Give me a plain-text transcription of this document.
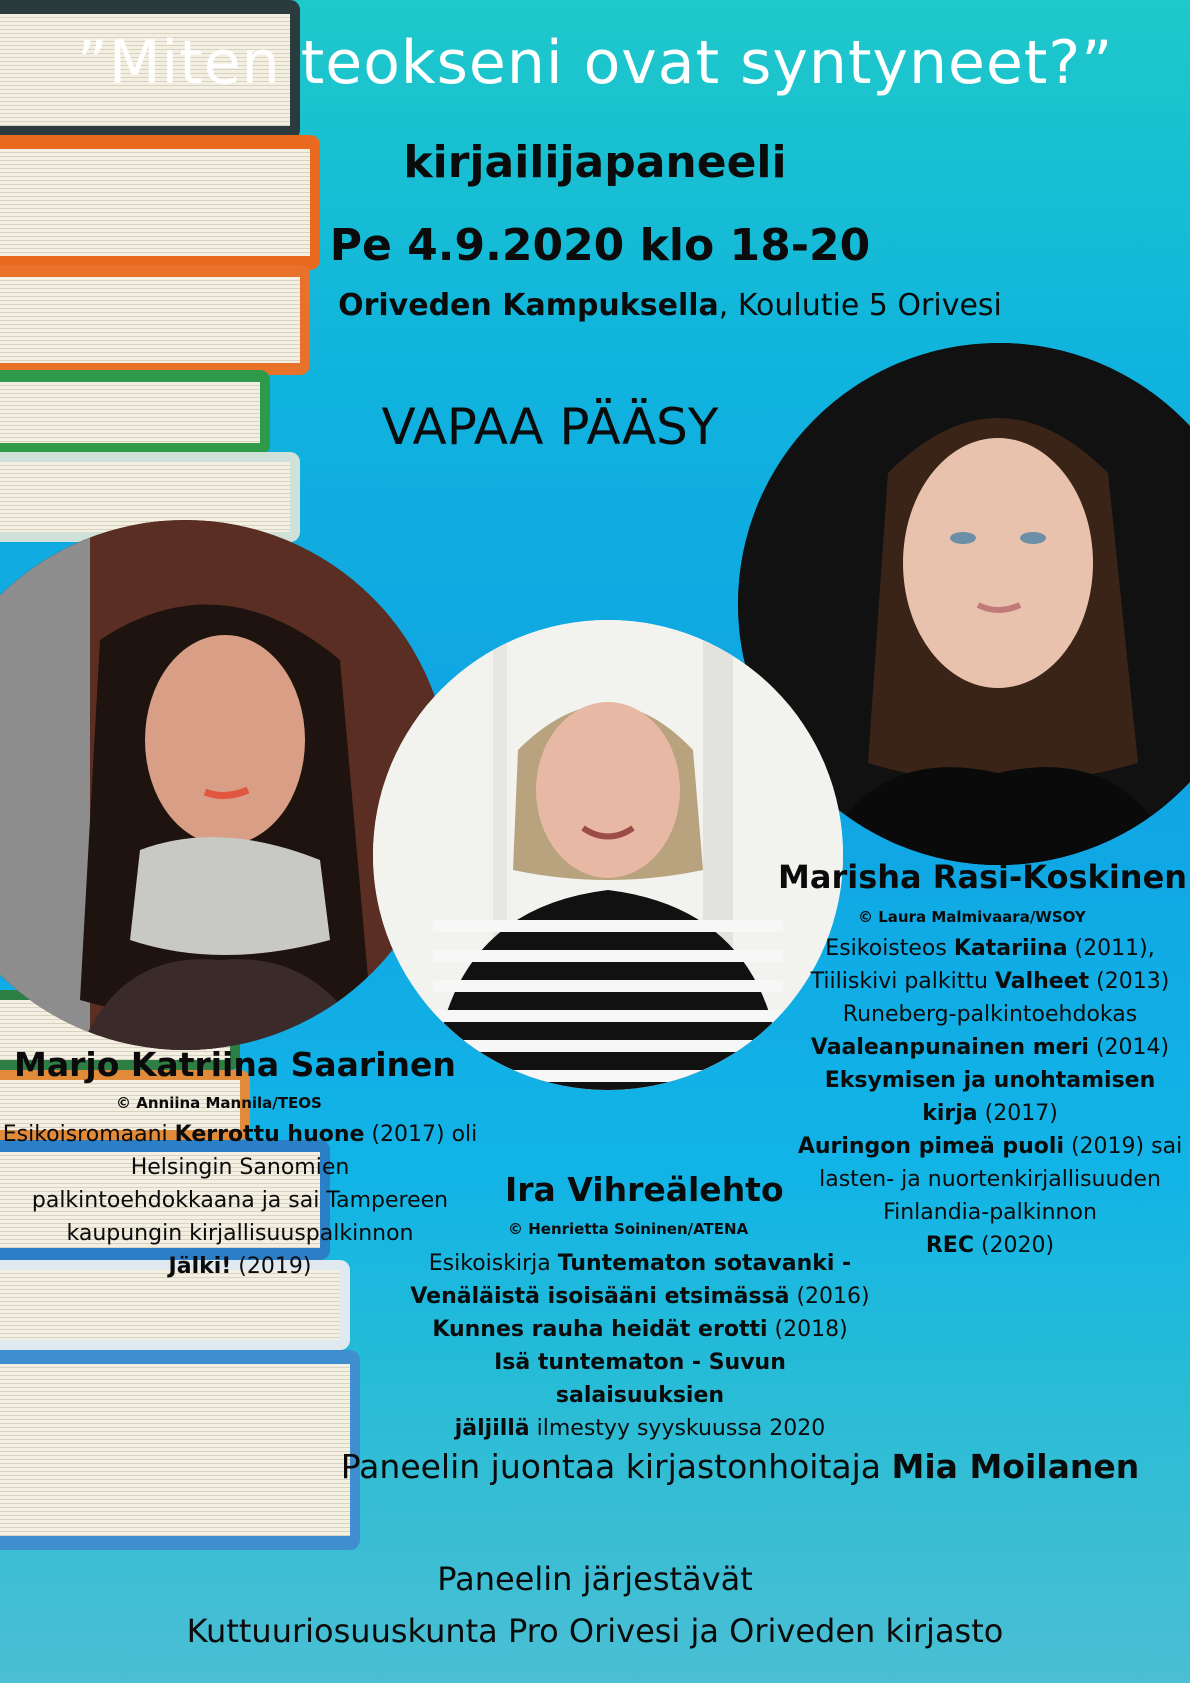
”Miten teokseni ovat syntyneet?”
kirjailijapaneeli
Pe 4.9.2020 klo 18-20
Oriveden Kampuksella, Koulutie 5 Orivesi
VAPAA PÄÄSY
Marisha Rasi-Koskinen
© Laura Malmivaara/WSOY
Esikoisteos Katariina (2011),
Tiiliskivi palkittu Valheet (2013)
Runeberg-palkintoehdokas
Vaaleanpunainen meri (2014)
Eksymisen ja unohtamisen
kirja (2017)
Auringon pimeä puoli (2019) sai
lasten- ja nuortenkirjallisuuden
Finlandia-palkinnon
REC (2020)
Marjo Katriina Saarinen
© Anniina Mannila/TEOS
Esikoisromaani Kerrottu huone (2017) oli
Helsingin Sanomien
palkintoehdokkaana ja sai Tampereen
kaupungin kirjallisuuspalkinnon
Jälki! (2019)
Ira Vihreälehto
© Henrietta Soininen/ATENA
Esikoiskirja Tuntematon sotavanki -
Venäläistä isoisääni etsimässä (2016)
Kunnes rauha heidät erotti (2018)
Isä tuntematon - Suvun salaisuuksien
jäljillä ilmestyy syyskuussa 2020
Paneelin juontaa kirjastonhoitaja Mia Moilanen
Paneelin järjestävät
Kuttuuriosuuskunta Pro Orivesi ja Oriveden kirjasto
